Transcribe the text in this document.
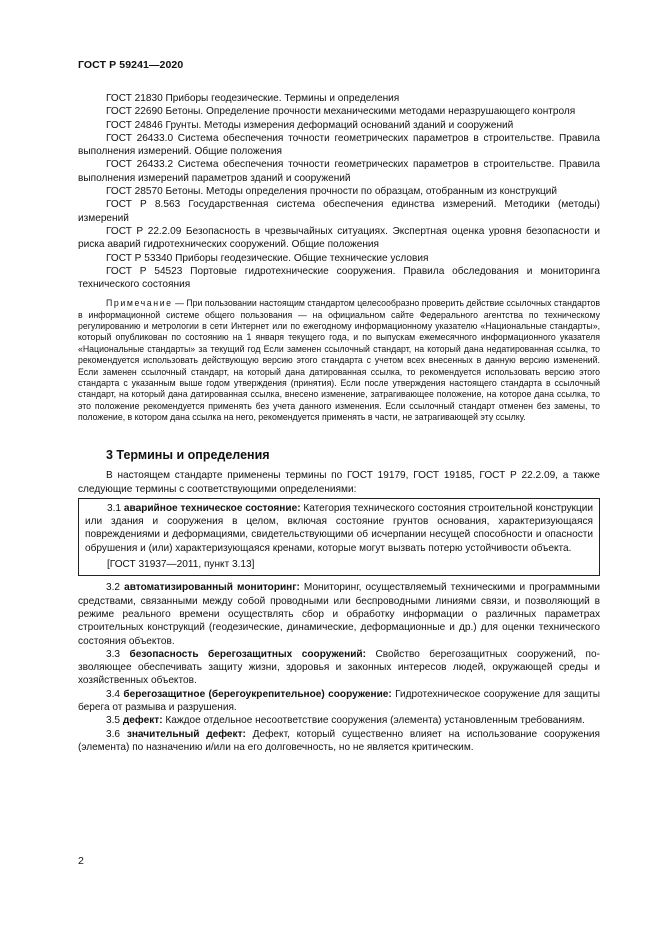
ГОСТ Р 59241—2020

ГОСТ 21830 Приборы геодезические. Термины и определения

ГОСТ 22690 Бетоны. Определение прочности механическими методами неразрушающего контроля

ГОСТ 24846 Грунты. Методы измерения деформаций оснований зданий и сооружений

ГОСТ 26433.0 Система обеспечения точности геометрических параметров в строительстве. Правила выполнения измерений. Общие положения

ГОСТ 26433.2 Система обеспечения точности геометрических параметров в строительстве. Правила выполнения измерений параметров зданий и сооружений

ГОСТ 28570 Бетоны. Методы определения прочности по образцам, отобранным из конструкций

ГОСТ Р 8.563 Государственная система обеспечения единства измерений. Методики (методы) измерений

ГОСТ Р 22.2.09 Безопасность в чрезвычайных ситуациях. Экспертная оценка уровня безопасности и риска аварий гидротехнических сооружений. Общие положения

ГОСТ Р 53340 Приборы геодезические. Общие технические условия

ГОСТ Р 54523 Портовые гидротехнические сооружения. Правила обследования и мониторинга технического состояния

Примечание — При пользовании настоящим стандартом целесообразно проверить действие ссылочных стандартов в информационной системе общего пользования — на официальном сайте Федерального агентства по техническому регулированию и метрологии в сети Интернет или по ежегодному информационному указателю «Национальные стандарты», который опубликован по состоянию на 1 января текущего года, и по выпускам ежемесячного информационного указателя «Национальные стандарты» за текущий год Если заменен ссылочный стандарт, на который дана недатированная ссылка, то рекомендуется использовать действующую версию этого стандарта с учетом всех внесенных в данную версию изменений. Если заменен ссылочный стандарт, на который дана датированная ссылка, то рекомендуется использовать версию этого стандарта с указанным выше годом утверждения (принятия). Если после утверждения настоящего стандарта в ссылочный стандарт, на который дана датированная ссылка, внесено изменение, затрагивающее положение, на которое дана ссылка, то это положение рекомендуется применять без учета данного изменения. Если ссылочный стандарт отменен без замены, то положение, в котором дана ссылка на него, рекомендуется применять в части, не затрагивающей эту ссылку.

3 Термины и определения

В настоящем стандарте применены термины по ГОСТ 19179, ГОСТ 19185, ГОСТ Р 22.2.09, а также следующие термины с соответствующими определениями:

3.1 аварийное техническое состояние: Категория технического состояния строительной конструкции или здания и сооружения в целом, включая состояние грунтов основания, характеризующаяся повреждениями и деформациями, свидетельствующими об исчерпании несущей способности и опасности обрушения и (или) характеризующаяся кренами, которые могут вызвать потерю устойчивости объекта.

[ГОСТ 31937—2011, пункт 3.13]

3.2 автоматизированный мониторинг: Мониторинг, осуществляемый техническими и программными средствами, связанными между собой проводными или беспроводными линиями связи, и позволяющий в режиме реального времени осуществлять сбор и обработку информации о различных параметрах строительных конструкций (геодезические, динамические, деформационные и др.) для оценки технического состояния объектов.

3.3 безопасность берегозащитных сооружений: Свойство берегозащитных сооружений, позволяющее обеспечивать защиту жизни, здоровья и законных интересов людей, окружающей среды и хозяйственных объектов.

3.4 берегозащитное (берегоукрепительное) сооружение: Гидротехническое сооружение для защиты берега от размыва и разрушения.

3.5 дефект: Каждое отдельное несоответствие сооружения (элемента) установленным требованиям.

3.6 значительный дефект: Дефект, который существенно влияет на использование сооружения (элемента) по назначению и/или на его долговечность, но не является критическим.

2
